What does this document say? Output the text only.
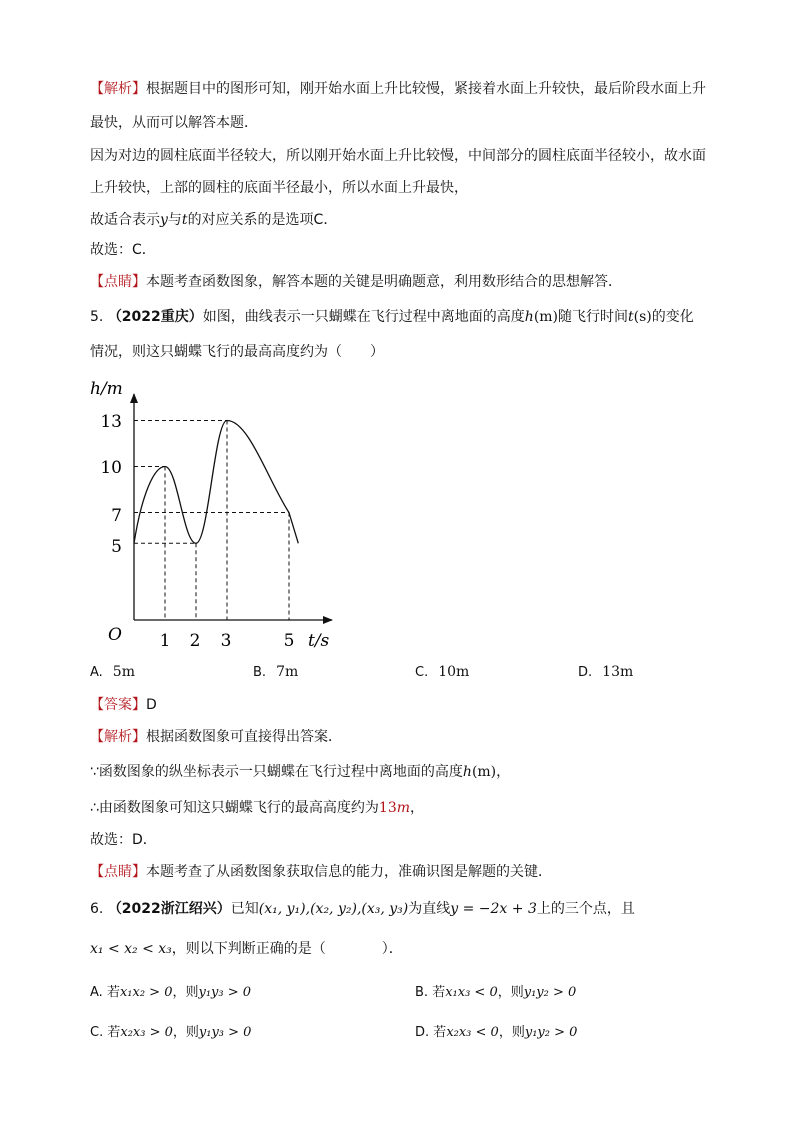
【解析】根据题目中的图形可知，刚开始水面上升比较慢，紧接着水面上升较快，最后阶段水面上升
最快，从而可以解答本题．
因为对边的圆柱底面半径较大，所以刚开始水面上升比较慢，中间部分的圆柱底面半径较小，故水面
上升较快，上部的圆柱的底面半径最小，所以水面上升最快，
故适合表示y与t的对应关系的是选项C．
故选：C．
【点睛】本题考查函数图象，解答本题的关键是明确题意，利用数形结合的思想解答．
5. （2022重庆）如图，曲线表示一只蝴蝶在飞行过程中离地面的高度h(m)随飞行时间t(s)的变化
情况，则这只蝴蝶飞行的最高高度约为（　　）
h/m
t/s
O
13
10
7
5
1 2 3	5
A. 5m	B. 7m	C. 10m	D. 13m
【答案】D
【解析】根据函数图象可直接得出答案．
∵函数图象的纵坐标表示一只蝴蝶在飞行过程中离地面的高度h(m)，
∴由函数图象可知这只蝴蝶飞行的最高高度约为13m，
故选：D．
【点睛】本题考查了从函数图象获取信息的能力，准确识图是解题的关键．
6. （2022浙江绍兴）已知(x₁, y₁),(x₂, y₂),(x₃, y₃)为直线y = −2x + 3上的三个点，且
x₁ < x₂ < x₃，则以下判断正确的是（　　　　）．
A. 若x₁x₂ > 0，则y₁y₃ > 0	B. 若x₁x₃ < 0，则y₁y₂ > 0
C. 若x₂x₃ > 0，则y₁y₃ > 0	D. 若x₂x₃ < 0，则y₁y₂ > 0
